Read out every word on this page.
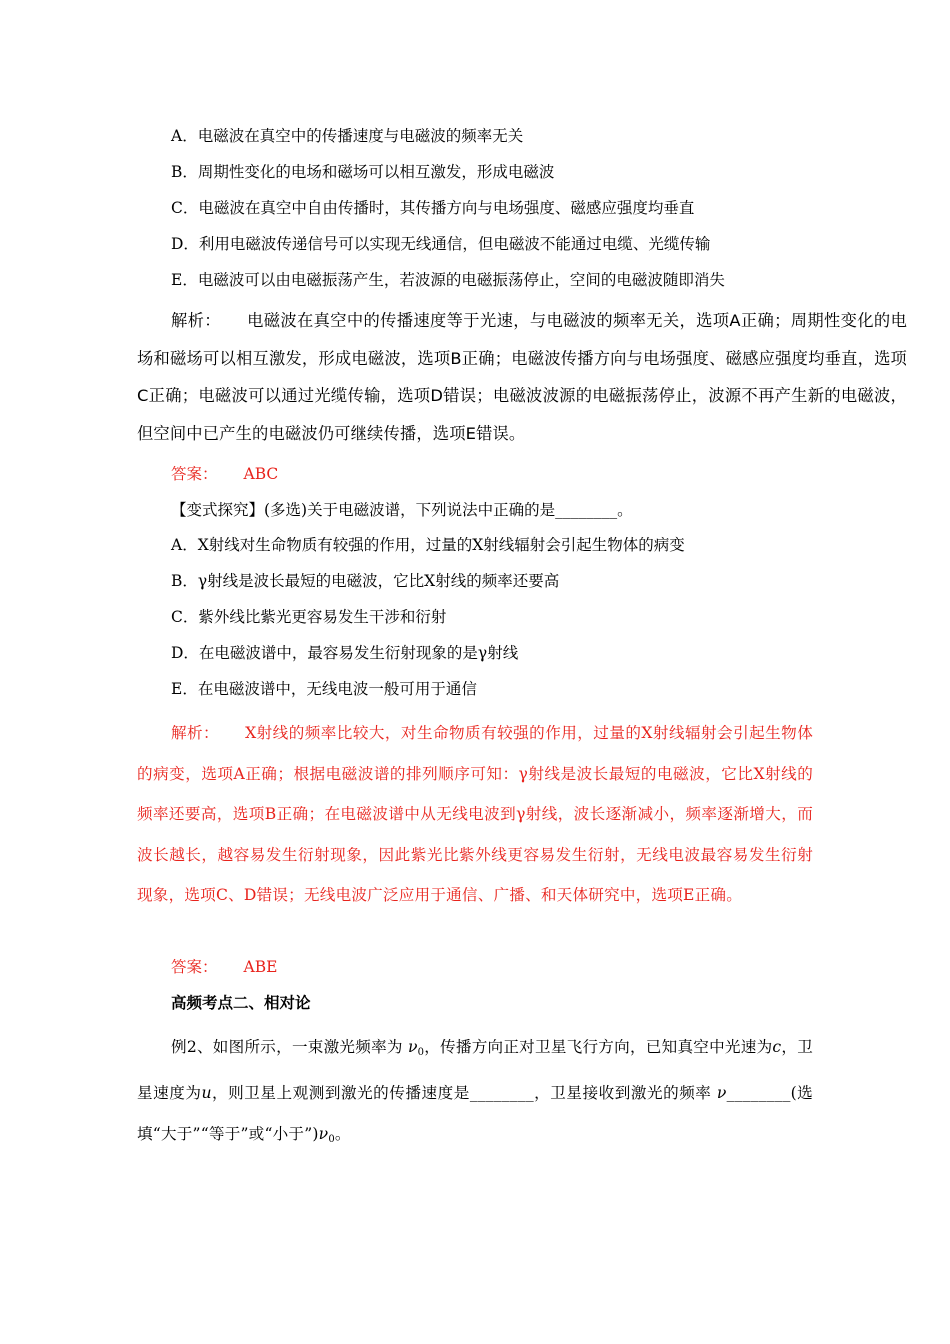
A．电磁波在真空中的传播速度与电磁波的频率无关
B．周期性变化的电场和磁场可以相互激发，形成电磁波
C．电磁波在真空中自由传播时，其传播方向与电场强度、磁感应强度均垂直
D．利用电磁波传递信号可以实现无线通信，但电磁波不能通过电缆、光缆传输
E．电磁波可以由电磁振荡产生，若波源的电磁振荡停止，空间的电磁波随即消失
解析： 电磁波在真空中的传播速度等于光速，与电磁波的频率无关，选项A正确；周期性变化的电场和磁场可以相互激发，形成电磁波，选项B正确；电磁波传播方向与电场强度、磁感应强度均垂直，选项C正确；电磁波可以通过光缆传输，选项D错误；电磁波波源的电磁振荡停止，波源不再产生新的电磁波，但空间中已产生的电磁波仍可继续传播，选项E错误。
答案： ABC
【变式探究】(多选)关于电磁波谱，下列说法中正确的是________。
A．X射线对生命物质有较强的作用，过量的X射线辐射会引起生物体的病变
B．γ射线是波长最短的电磁波，它比X射线的频率还要高
C．紫外线比紫光更容易发生干涉和衍射
D．在电磁波谱中，最容易发生衍射现象的是γ射线
E．在电磁波谱中，无线电波一般可用于通信
解析： X射线的频率比较大，对生命物质有较强的作用，过量的X射线辐射会引起生物体的病变，选项A正确；根据电磁波谱的排列顺序可知：γ射线是波长最短的电磁波，它比X射线的频率还要高，选项B正确；在电磁波谱中从无线电波到γ射线，波长逐渐减小，频率逐渐增大，而波长越长，越容易发生衍射现象，因此紫光比紫外线更容易发生衍射，无线电波最容易发生衍射现象，选项C、D错误；无线电波广泛应用于通信、广播、和天体研究中，选项E正确。
答案： ABE
高频考点二、相对论
例2、如图所示，一束激光频率为 $\nu_0$，传播方向正对卫星飞行方向，已知真空中光速为c，卫星速度为u，则卫星上观测到激光的传播速度是________，卫星接收到激光的频率 ν________(选填“大于”“等于”或“小于$”)\nu_0$。
